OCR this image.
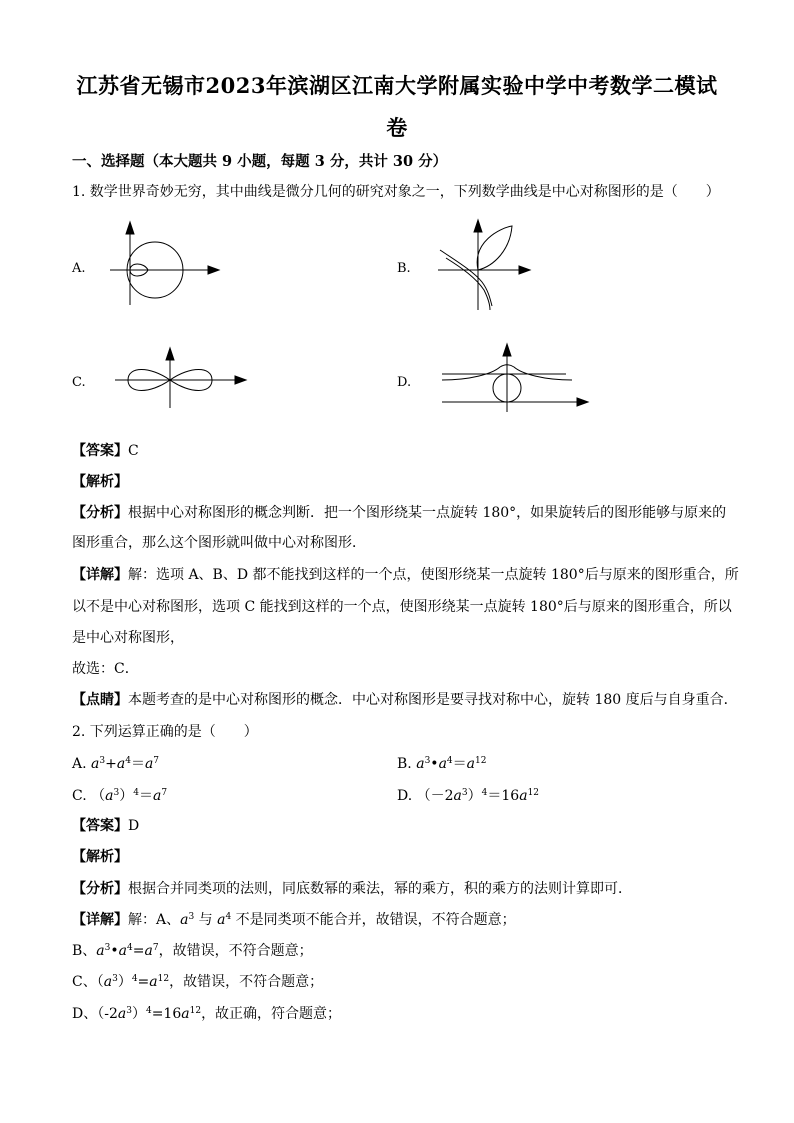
江苏省无锡市2023年滨湖区江南大学附属实验中学中考数学二模试
卷
一、选择题（本大题共 9 小题，每题 3 分，共计 30 分）
1. 数学世界奇妙无穷，其中曲线是微分几何的研究对象之一，下列数学曲线是中心对称图形的是（　　）
A.	B.
C.	D.
【答案】C
【解析】
【分析】根据中心对称图形的概念判断．把一个图形绕某一点旋转 180°，如果旋转后的图形能够与原来的
图形重合，那么这个图形就叫做中心对称图形．
【详解】解：选项 A、B、D 都不能找到这样的一个点，使图形绕某一点旋转 180°后与原来的图形重合，所
以不是中心对称图形，选项 C 能找到这样的一个点，使图形绕某一点旋转 180°后与原来的图形重合，所以
是中心对称图形，
故选：C．
【点睛】本题考查的是中心对称图形的概念．中心对称图形是要寻找对称中心，旋转 180 度后与自身重合．
2. 下列运算正确的是（　　）
A. $a^3+a^4=a^7$	B. $a^3•a^4=a^{12}$
C. $(a^3)^4=a^7$	D. $(-2a^3)^4=16a^{12}$
【答案】D
【解析】
【分析】根据合并同类项的法则，同底数幂的乘法，幂的乘方，积的乘方的法则计算即可．
【详解】解：A、$a^3$ 与 $a^4$ 不是同类项不能合并，故错误，不符合题意；
B、$a^3•a^4=a^7$，故错误，不符合题意；
C、$(a^3)^4=a^{12}$，故错误，不符合题意；
D、$(-2a^3)^4=16a^{12}$，故正确，符合题意；
